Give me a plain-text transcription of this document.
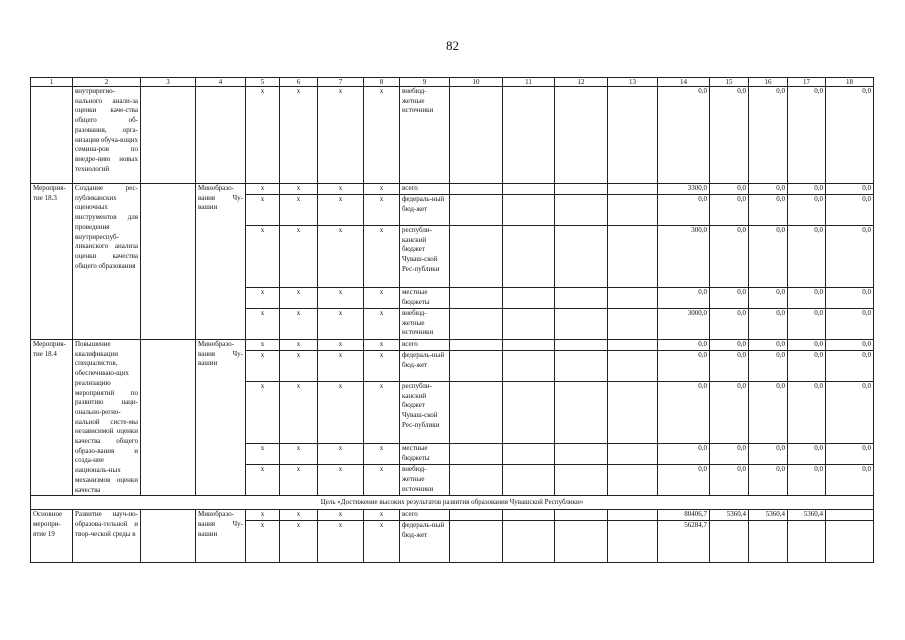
82
1	2	3	4	5	6	7	8	9	10	11	12	13	14	15	16	17	18
	внутрирегио-нального анали-за оценки каче-ства общего об-разования, орга-низация обуча-ющих семина-ров по внедре-нию новых технологий			x	x	x	x	внебюд-жетные источники					0,0	0,0	0,0	0,0	0,0
Мероприя-тие 18.3	Создание рес-публиканских оценочных инструментов для проведения внутриреспуб-ликанского анализа оценки качества общего образования		Минобразо-вания Чу-вашии	x	x	x	x	всего					3300,0	0,0	0,0	0,0	0,0
				x	x	x	x	федераль-ный бюд-жет					0,0	0,0	0,0	0,0	0,0
				x	x	x	x	республи-канский бюджет Чуваш-ской Рес-публики					300,0	0,0	0,0	0,0	0,0
				x	x	x	x	местные бюджеты					0,0	0,0	0,0	0,0	0,0
				x	x	x	x	внебюд-жетные источники					3000,0	0,0	0,0	0,0	0,0
Мероприя-тие 18.4	Повышение квалификации специалистов, обеспечиваю-щих реализацию мероприятий по развитию наци-онально-регио-нальной систе-мы независимой оценки качества общего образо-вания и созда-ние националь-ных механизмов оценки качества		Минобразо-вания Чу-вашии	x	x	x	x	всего					0,0	0,0	0,0	0,0	0,0
				x	x	x	x	федераль-ный бюд-жет					0,0	0,0	0,0	0,0	0,0
				x	x	x	x	республи-канский бюджет Чуваш-ской Рес-публики					0,0	0,0	0,0	0,0	0,0
				x	x	x	x	местные бюджеты					0,0	0,0	0,0	0,0	0,0
				x	x	x	x	внебюд-жетные источники					0,0	0,0	0,0	0,0	0,0
Цель «Достижение высоких результатов развития образования Чувашской Республики»																	
Основное меропри-ятие 19	Развитие науч-но-образова-тельной и твор-ческой среды в		Минобразо-вания Чу-вашии	x	x	x	x	всего					80406,7	5360,4	5360,4	5360,4	
				x	x	x	x	федераль-ный бюд-жет					56284,7				
